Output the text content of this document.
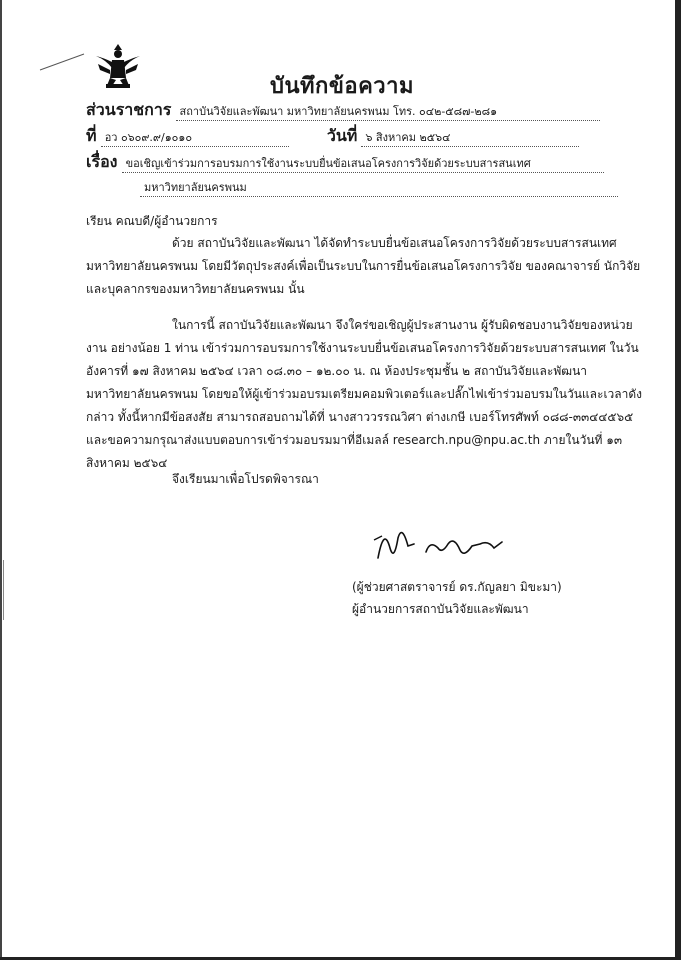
บันทึกข้อความ
ส่วนราชการ สถาบันวิจัยและพัฒนา มหาวิทยาลัยนครพนม โทร. ๐๔๒-๕๘๗-๒๘๑
ที่ อว ๐๖๐๙.๙/๑๐๑๐	วันที่ ๖ สิงหาคม ๒๕๖๔
เรื่อง ขอเชิญเข้าร่วมการอบรมการใช้งานระบบยื่นข้อเสนอโครงการวิจัยด้วยระบบสารสนเทศ
มหาวิทยาลัยนครพนม
เรียน คณบดี/ผู้อำนวยการ
ด้วย สถาบันวิจัยและพัฒนา ได้จัดทำระบบยื่นข้อเสนอโครงการวิจัยด้วยระบบสารสนเทศ มหาวิทยาลัยนครพนม โดยมีวัตถุประสงค์เพื่อเป็นระบบในการยื่นข้อเสนอโครงการวิจัย ของคณาจารย์ นักวิจัย และบุคลากรของมหาวิทยาลัยนครพนม นั้น
ในการนี้ สถาบันวิจัยและพัฒนา จึงใคร่ขอเชิญผู้ประสานงาน ผู้รับผิดชอบงานวิจัยของหน่วยงาน อย่างน้อย 1 ท่าน เข้าร่วมการอบรมการใช้งานระบบยื่นข้อเสนอโครงการวิจัยด้วยระบบสารสนเทศ ในวันอังคารที่ ๑๗ สิงหาคม ๒๕๖๔ เวลา ๐๘.๓๐ – ๑๒.๐๐ น. ณ ห้องประชุมชั้น ๒ สถาบันวิจัยและพัฒนา มหาวิทยาลัยนครพนม โดยขอให้ผู้เข้าร่วมอบรมเตรียมคอมพิวเตอร์และปลั๊กไฟเข้าร่วมอบรมในวันและเวลาดังกล่าว ทั้งนี้หากมีข้อสงสัย สามารถสอบถามได้ที่ นางสาววรรณวิศา ต่างเกษี เบอร์โทรศัพท์ ๐๘๘-๓๓๔๔๕๖๕ และขอความกรุณาส่งแบบตอบการเข้าร่วมอบรมมาที่อีเมลล์ research.npu@npu.ac.th ภายในวันที่ ๑๓ สิงหาคม ๒๕๖๔
จึงเรียนมาเพื่อโปรดพิจารณา
(ผู้ช่วยศาสตราจารย์ ดร.กัญลยา มิขะมา)
ผู้อำนวยการสถาบันวิจัยและพัฒนา
